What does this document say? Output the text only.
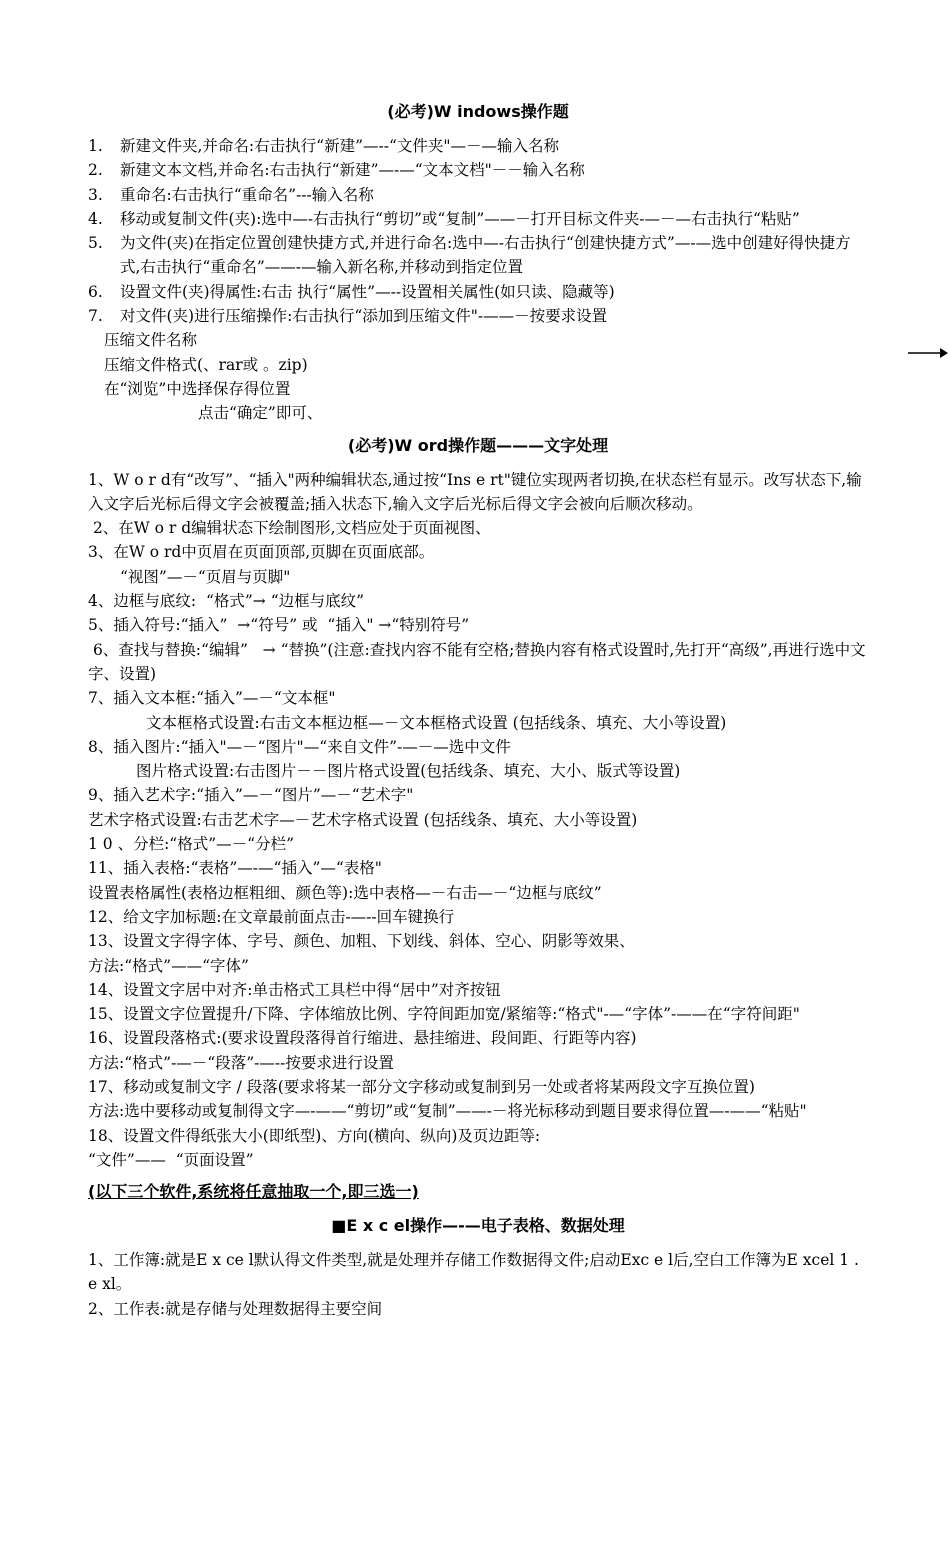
(必考)W indows操作题
1. 新建文件夹,并命名:右击执行“新建”—--“文件夹"—－—输入名称
2. 新建文本文档,并命名:右击执行“新建”—-—“文本文档"－－输入名称
3. 重命名:右击执行“重命名”---输入名称
4. 移动或复制文件(夹):选中—-右击执行“剪切”或“复制”——－打开目标文件夹-—－—右击执行“粘贴”
5. 为文件(夹)在指定位置创建快捷方式,并进行命名:选中—-右击执行“创建快捷方式”—-—选中创建好得快捷方式,右击执行“重命名”——-—输入新名称,并移动到指定位置
6. 设置文件(夹)得属性:右击 执行“属性”—--设置相关属性(如只读、隐藏等)
7. 对文件(夹)进行压缩操作:右击执行“添加到压缩文件"-——－按要求设置

压缩文件名称

压缩文件格式(、rar或 。zip)

在“浏览”中选择保存得位置

点击“确定”即可、

(必考)W ord操作题———文字处理

1、W o r d有“改写”、“插入"两种编辑状态,通过按“Ins e rt"键位实现两者切换,在状态栏有显示。改写状态下,输入文字后光标后得文字会被覆盖;插入状态下,输入文字后光标后得文字会被向后顺次移动。

2、在W o r d编辑状态下绘制图形,文档应处于页面视图、

3、在W o rd中页眉在页面顶部,页脚在页面底部。

“视图”—－“页眉与页脚"

4、边框与底纹:  “格式”→ “边框与底纹”

5、插入符号:“插入”  →“符号” 或  “插入" →“特别符号”

6、查找与替换:“编辑”   → “替换”(注意:查找内容不能有空格;替换内容有格式设置时,先打开“高级”,再进行选中文字、设置)

7、插入文本框:“插入”—－“文本框"

文本框格式设置:右击文本框边框—－文本框格式设置 (包括线条、填充、大小等设置)

8、插入图片:“插入"—－“图片"—“来自文件”-—－—选中文件

图片格式设置:右击图片－－图片格式设置(包括线条、填充、大小、版式等设置)

9、插入艺术字:“插入”—－“图片”—－“艺术字"

艺术字格式设置:右击艺术字—－艺术字格式设置 (包括线条、填充、大小等设置)

1 0 、分栏:“格式”—－“分栏”

11、插入表格:“表格”—-—“插入”—“表格"

设置表格属性(表格边框粗细、颜色等):选中表格—－右击—－“边框与底纹”

12、给文字加标题:在文章最前面点击-—--回车键换行

13、设置文字得字体、字号、颜色、加粗、下划线、斜体、空心、阴影等效果、

方法:“格式”——“字体”

14、设置文字居中对齐:单击格式工具栏中得“居中”对齐按钮

15、设置文字位置提升/下降、字体缩放比例、字符间距加宽/紧缩等:“格式"-—“字体”-——在“字符间距"

16、设置段落格式:(要求设置段落得首行缩进、悬挂缩进、段间距、行距等内容)

方法:“格式”-—－“段落”-—--按要求进行设置

17、移动或复制文字 / 段落(要求将某一部分文字移动或复制到另一处或者将某两段文字互换位置)

方法:选中要移动或复制得文字—-——“剪切”或“复制”——-－将光标移动到题目要求得位置—-——“粘贴"

18、设置文件得纸张大小(即纸型)、方向(横向、纵向)及页边距等:

“文件”——  “页面设置”

(以下三个软件,系统将任意抽取一个,即三选一)

■E x c el操作—-—电子表格、数据处理

1、工作簿:就是E x ce l默认得文件类型,就是处理并存储工作数据得文件;启动Exc e l后,空白工作簿为E xcel 1 . e xl。

2、工作表:就是存储与处理数据得主要空间
